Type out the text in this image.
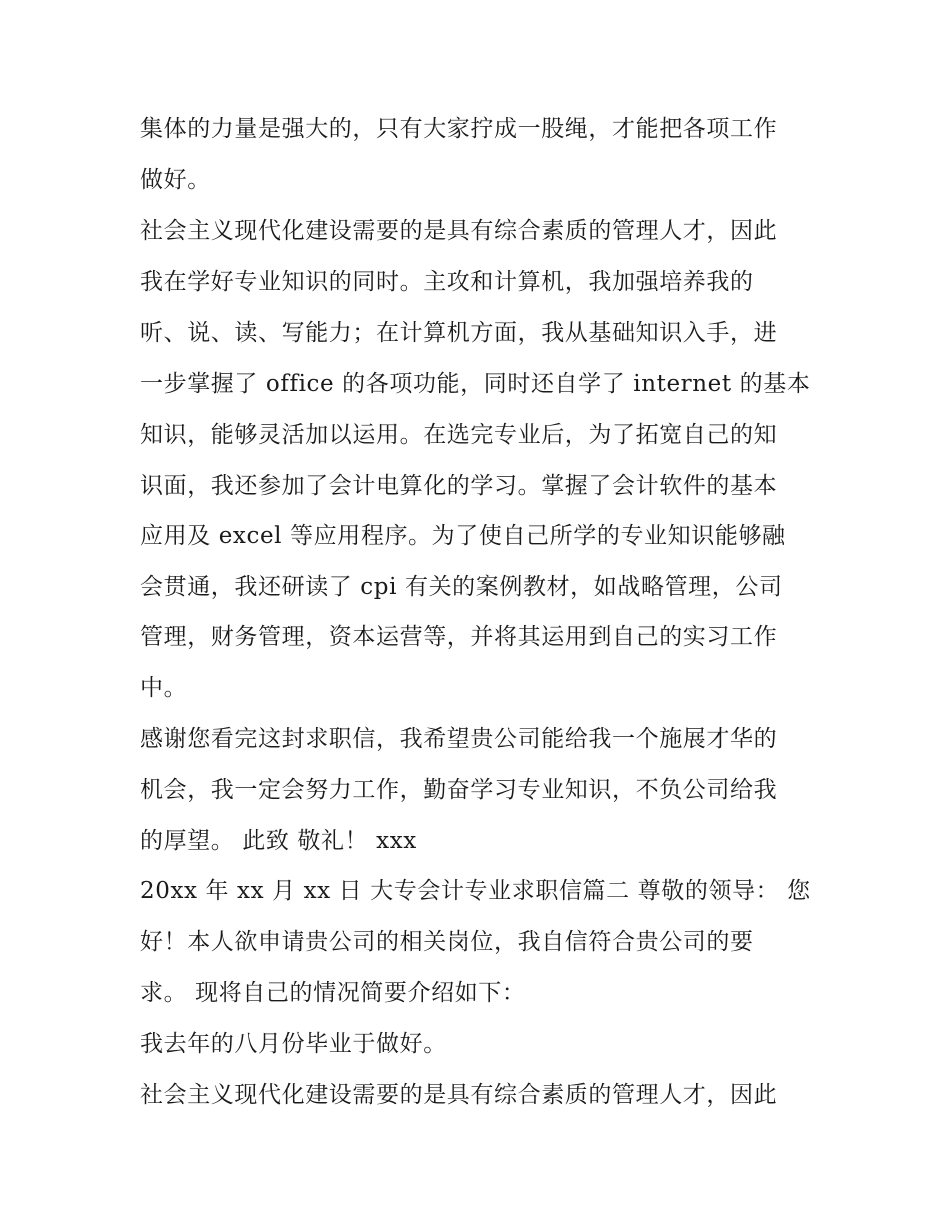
集体的力量是强大的，只有大家拧成一股绳，才能把各项工作
做好。
社会主义现代化建设需要的是具有综合素质的管理人才，因此
我在学好专业知识的同时。主攻和计算机，我加强培养我的
听、说、读、写能力；在计算机方面，我从基础知识入手，进
一步掌握了 office 的各项功能，同时还自学了 internet 的基本
知识，能够灵活加以运用。在选完专业后，为了拓宽自己的知
识面，我还参加了会计电算化的学习。掌握了会计软件的基本
应用及 excel 等应用程序。为了使自己所学的专业知识能够融
会贯通，我还研读了 cpi 有关的案例教材，如战略管理，公司
管理，财务管理，资本运营等，并将其运用到自己的实习工作
中。
感谢您看完这封求职信，我希望贵公司能给我一个施展才华的
机会，我一定会努力工作，勤奋学习专业知识，不负公司给我
的厚望。 此致 敬礼！ xxx
20xx 年 xx 月 xx 日 大专会计专业求职信篇二 尊敬的领导： 您
好！本人欲申请贵公司的相关岗位，我自信符合贵公司的要
求。 现将自己的情况简要介绍如下：
我去年的八月份毕业于做好。
社会主义现代化建设需要的是具有综合素质的管理人才，因此
